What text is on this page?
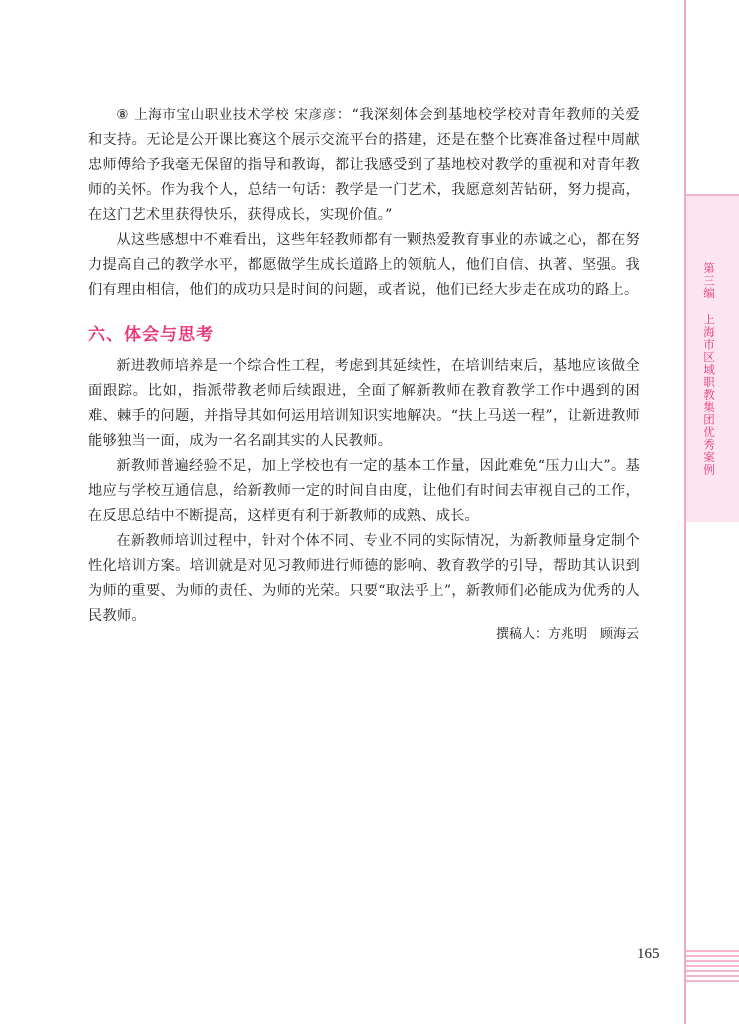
第三编上海市区域职教集团优秀案例

⑧ 上海市宝山职业技术学校 宋彦彦：“我深刻体会到基地校学校对青年教师的关爱和支持。无论是公开课比赛这个展示交流平台的搭建，还是在整个比赛准备过程中周献忠师傅给予我毫无保留的指导和教诲，都让我感受到了基地校对教学的重视和对青年教师的关怀。作为我个人，总结一句话：教学是一门艺术，我愿意刻苦钻研，努力提高，在这门艺术里获得快乐，获得成长，实现价值。”

从这些感想中不难看出，这些年轻教师都有一颗热爱教育事业的赤诚之心，都在努力提高自己的教学水平，都愿做学生成长道路上的领航人，他们自信、执著、坚强。我们有理由相信，他们的成功只是时间的问题，或者说，他们已经大步走在成功的路上。

六、体会与思考

新进教师培养是一个综合性工程，考虑到其延续性，在培训结束后，基地应该做全面跟踪。比如，指派带教老师后续跟进，全面了解新教师在教育教学工作中遇到的困难、棘手的问题，并指导其如何运用培训知识实地解决。“扶上马送一程”，让新进教师能够独当一面，成为一名名副其实的人民教师。

新教师普遍经验不足，加上学校也有一定的基本工作量，因此难免“压力山大”。基地应与学校互通信息，给新教师一定的时间自由度，让他们有时间去审视自己的工作，在反思总结中不断提高，这样更有利于新教师的成熟、成长。

在新教师培训过程中，针对个体不同、专业不同的实际情况，为新教师量身定制个性化培训方案。培训就是对见习教师进行师德的影响、教育教学的引导，帮助其认识到为师的重要、为师的责任、为师的光荣。只要“取法乎上”，新教师们必能成为优秀的人民教师。

撰稿人：方兆明　顾海云
165
